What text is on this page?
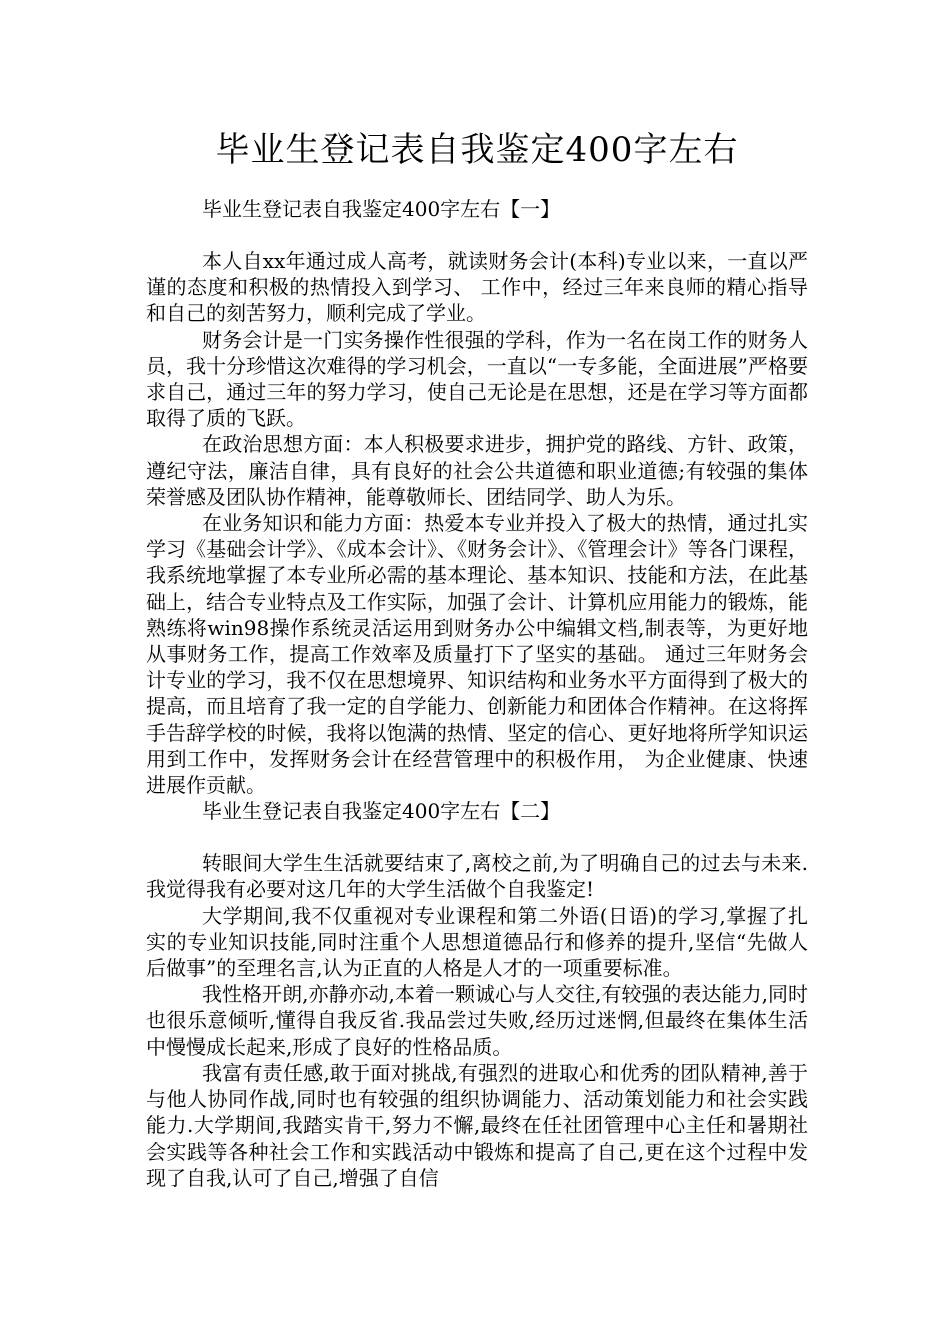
毕业生登记表自我鉴定400字左右
毕业生登记表自我鉴定400字左右【一】

本人自xx年通过成人高考，就读财务会计(本科)专业以来，一直以严谨的态度和积极的热情投入到学习、 工作中，经过三年来良师的精心指导和自己的刻苦努力，顺利完成了学业。

财务会计是一门实务操作性很强的学科，作为一名在岗工作的财务人员，我十分珍惜这次难得的学习机会，一直以“一专多能，全面进展”严格要求自己，通过三年的努力学习，使自己无论是在思想，还是在学习等方面都取得了质的飞跃。

在政治思想方面：本人积极要求进步，拥护党的路线、方针、政策，遵纪守法，廉洁自律，具有良好的社会公共道德和职业道德;有较强的集体荣誉感及团队协作精神，能尊敬师长、团结同学、助人为乐。

在业务知识和能力方面：热爱本专业并投入了极大的热情，通过扎实学习《基础会计学》、《成本会计》、《财务会计》、《管理会计》等各门课程，我系统地掌握了本专业所必需的基本理论、基本知识、技能和方法，在此基础上，结合专业特点及工作实际，加强了会计、计算机应用能力的锻炼，能熟练将win98操作系统灵活运用到财务办公中编辑文档,制表等，为更好地从事财务工作，提高工作效率及质量打下了坚实的基础。 通过三年财务会计专业的学习，我不仅在思想境界、知识结构和业务水平方面得到了极大的提高，而且培育了我一定的自学能力、创新能力和团体合作精神。在这将挥手告辞学校的时候，我将以饱满的热情、坚定的信心、更好地将所学知识运用到工作中，发挥财务会计在经营管理中的积极作用， 为企业健康、快速进展作贡献。

毕业生登记表自我鉴定400字左右【二】

转眼间大学生生活就要结束了,离校之前,为了明确自己的过去与未来.我觉得我有必要对这几年的大学生活做个自我鉴定!

大学期间,我不仅重视对专业课程和第二外语(日语)的学习,掌握了扎实的专业知识技能,同时注重个人思想道德品行和修养的提升,坚信“先做人后做事”的至理名言,认为正直的人格是人才的一项重要标准。

我性格开朗,亦静亦动,本着一颗诚心与人交往,有较强的表达能力,同时也很乐意倾听,懂得自我反省.我品尝过失败,经历过迷惘,但最终在集体生活中慢慢成长起来,形成了良好的性格品质。

我富有责任感,敢于面对挑战,有强烈的进取心和优秀的团队精神,善于与他人协同作战,同时也有较强的组织协调能力、活动策划能力和社会实践能力.大学期间,我踏实肯干,努力不懈,最终在任社团管理中心主任和暑期社会实践等各种社会工作和实践活动中锻炼和提高了自己,更在这个过程中发现了自我,认可了自己,增强了自信
